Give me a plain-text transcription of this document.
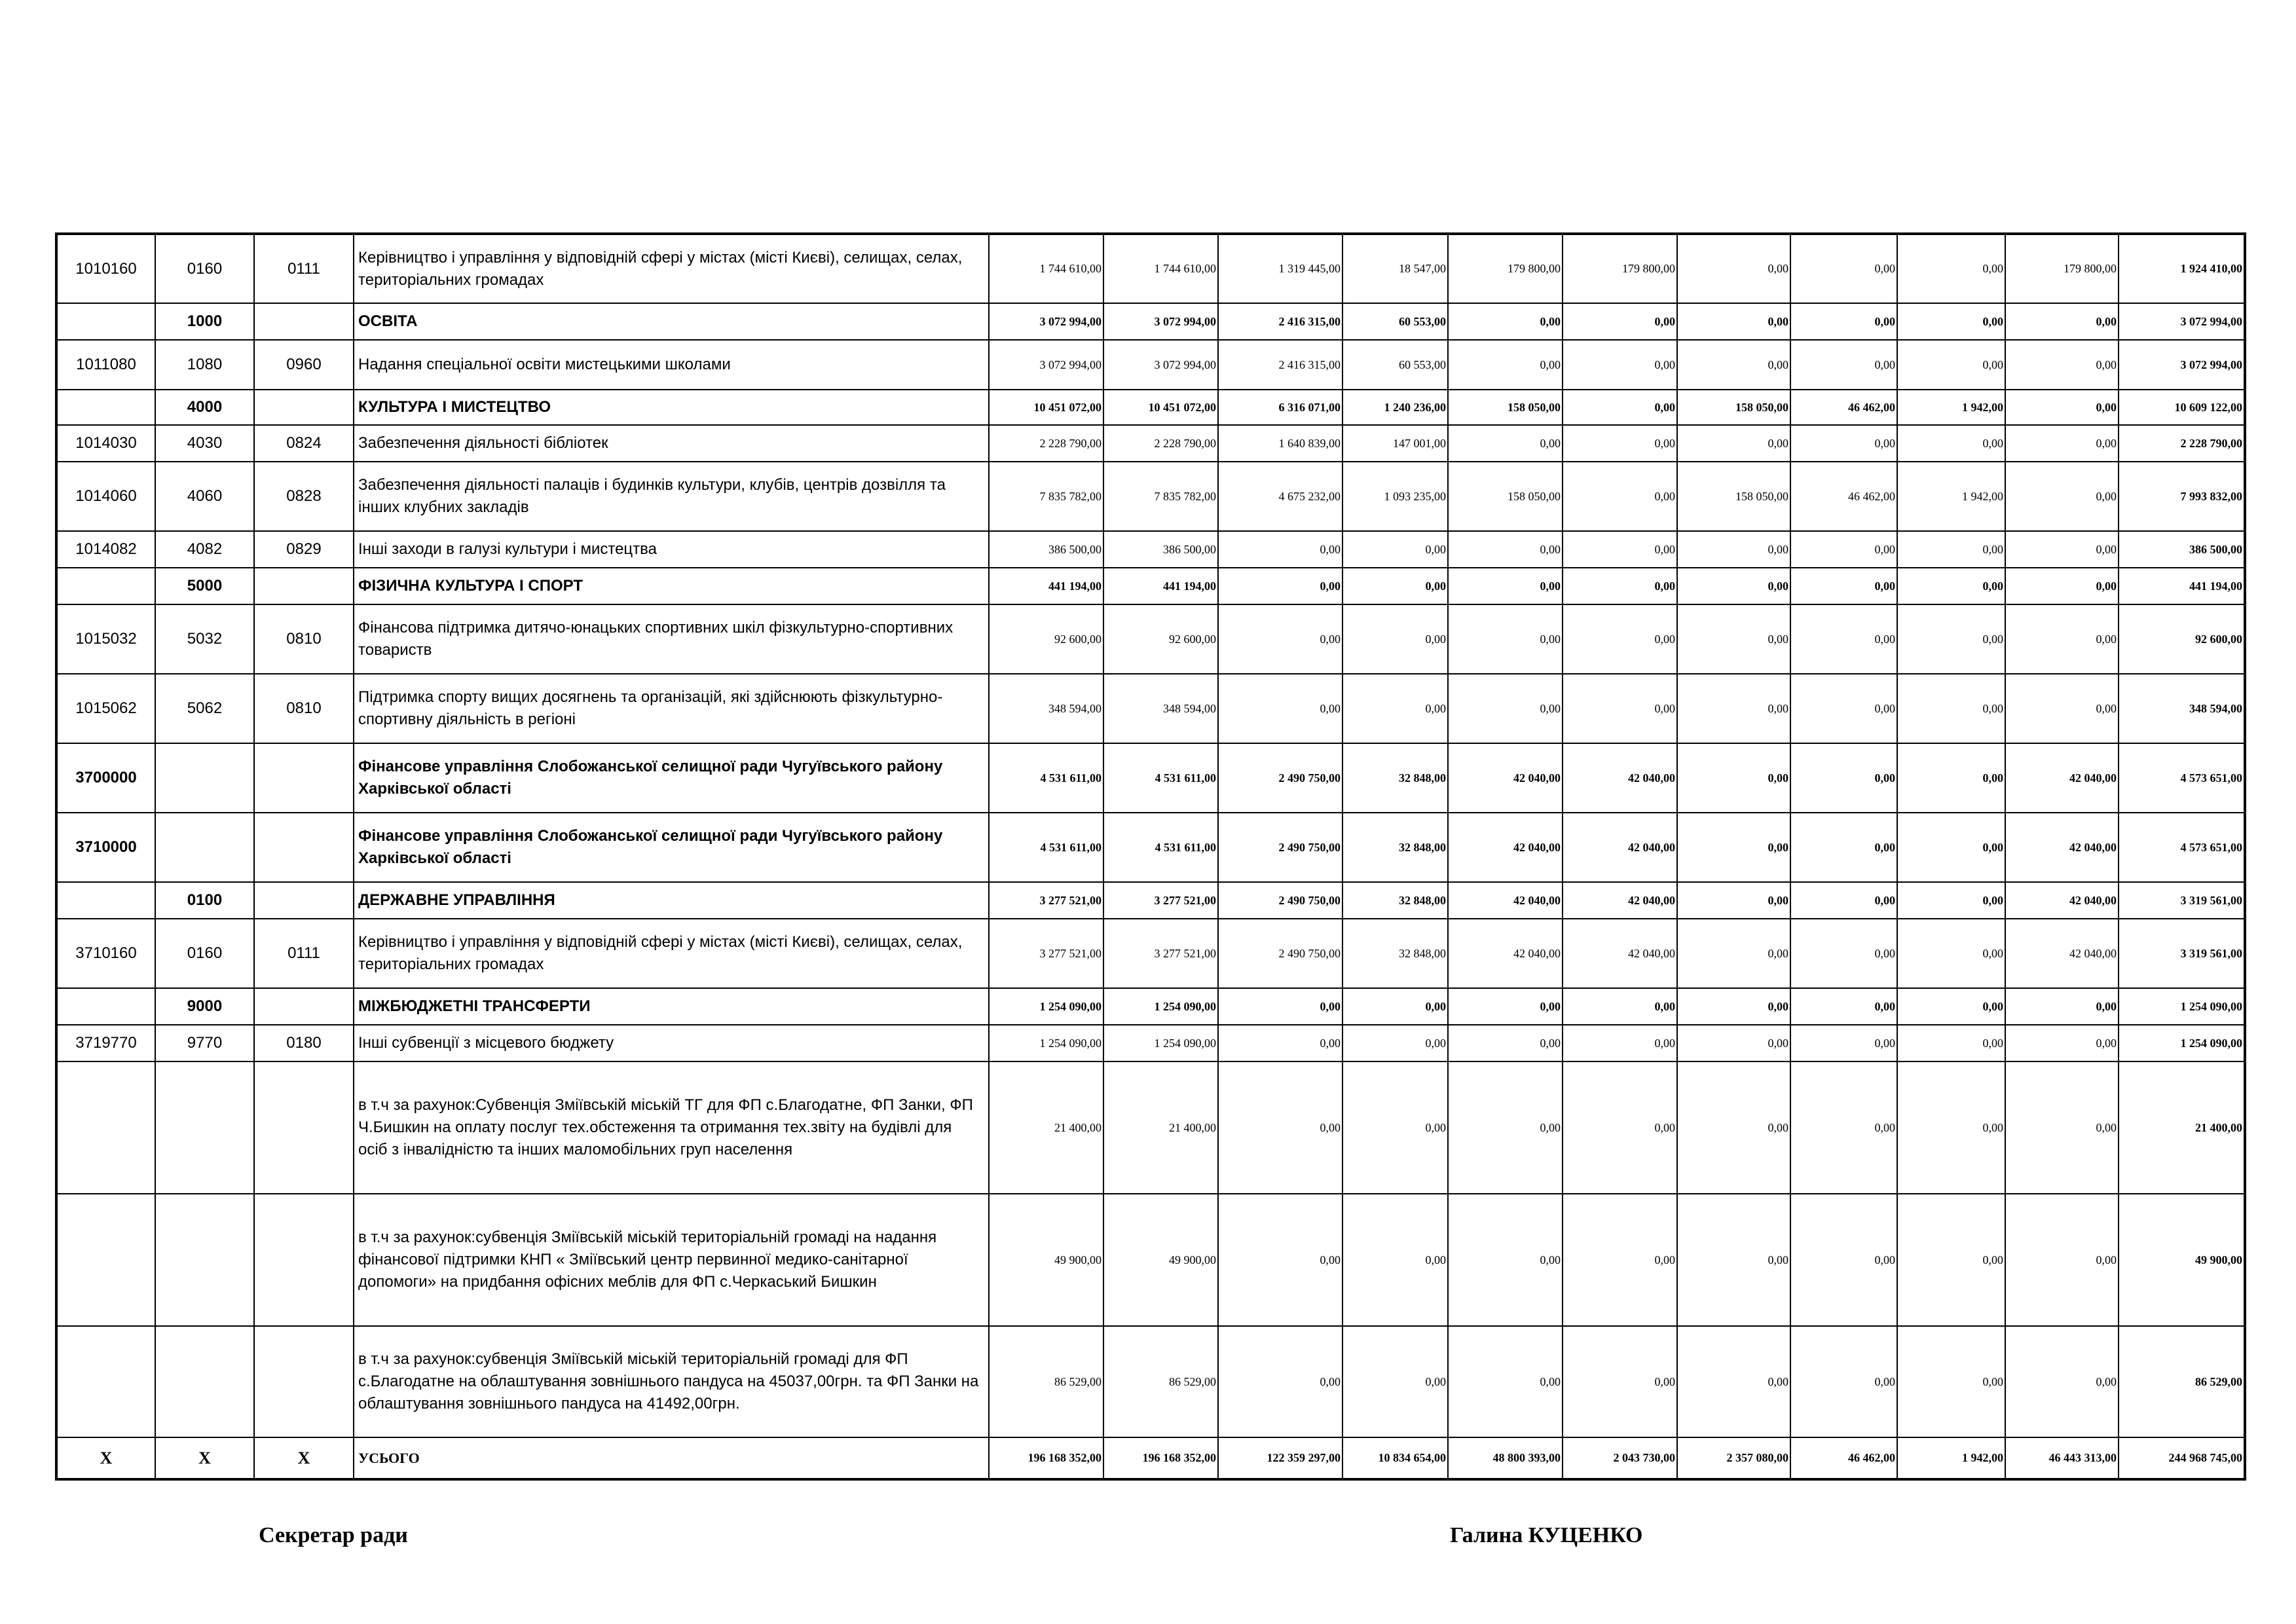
1010160	0160	0111	Керівництво і управління у відповідній сфері у містах (місті Києві), селищах, селах, територіальних громадах	1 744 610,00	1 744 610,00	1 319 445,00	18 547,00	179 800,00	179 800,00	0,00	0,00	0,00	179 800,00	1 924 410,00
	1000		ОСВІТА	3 072 994,00	3 072 994,00	2 416 315,00	60 553,00	0,00	0,00	0,00	0,00	0,00	0,00	3 072 994,00
1011080	1080	0960	Надання спеціальної освіти мистецькими школами	3 072 994,00	3 072 994,00	2 416 315,00	60 553,00	0,00	0,00	0,00	0,00	0,00	0,00	3 072 994,00
	4000		КУЛЬТУРА І МИСТЕЦТВО	10 451 072,00	10 451 072,00	6 316 071,00	1 240 236,00	158 050,00	0,00	158 050,00	46 462,00	1 942,00	0,00	10 609 122,00
1014030	4030	0824	Забезпечення діяльності бібліотек	2 228 790,00	2 228 790,00	1 640 839,00	147 001,00	0,00	0,00	0,00	0,00	0,00	0,00	2 228 790,00
1014060	4060	0828	Забезпечення діяльності палаців i будинків культури, клубів, центрів дозвілля та iнших клубних закладів	7 835 782,00	7 835 782,00	4 675 232,00	1 093 235,00	158 050,00	0,00	158 050,00	46 462,00	1 942,00	0,00	7 993 832,00
1014082	4082	0829	Інші заходи в галузі культури і мистецтва	386 500,00	386 500,00	0,00	0,00	0,00	0,00	0,00	0,00	0,00	0,00	386 500,00
	5000		ФІЗИЧНА КУЛЬТУРА І СПОРТ	441 194,00	441 194,00	0,00	0,00	0,00	0,00	0,00	0,00	0,00	0,00	441 194,00
1015032	5032	0810	Фінансова підтримка дитячо-юнацьких спортивних шкіл фізкультурно-спортивних товариств	92 600,00	92 600,00	0,00	0,00	0,00	0,00	0,00	0,00	0,00	0,00	92 600,00
1015062	5062	0810	Підтримка спорту вищих досягнень та організацій, які здійснюють фізкультурно-спортивну діяльність в регіоні	348 594,00	348 594,00	0,00	0,00	0,00	0,00	0,00	0,00	0,00	0,00	348 594,00
3700000			Фінансове управління Слобожанської селищної ради Чугуївського району Харківської області	4 531 611,00	4 531 611,00	2 490 750,00	32 848,00	42 040,00	42 040,00	0,00	0,00	0,00	42 040,00	4 573 651,00
3710000			Фінансове управління Слобожанської селищної ради Чугуївського району Харківської області	4 531 611,00	4 531 611,00	2 490 750,00	32 848,00	42 040,00	42 040,00	0,00	0,00	0,00	42 040,00	4 573 651,00
	0100		ДЕРЖАВНЕ УПРАВЛІННЯ	3 277 521,00	3 277 521,00	2 490 750,00	32 848,00	42 040,00	42 040,00	0,00	0,00	0,00	42 040,00	3 319 561,00
3710160	0160	0111	Керівництво і управління у відповідній сфері у містах (місті Києві), селищах, селах, територіальних громадах	3 277 521,00	3 277 521,00	2 490 750,00	32 848,00	42 040,00	42 040,00	0,00	0,00	0,00	42 040,00	3 319 561,00
	9000		МІЖБЮДЖЕТНІ ТРАНСФЕРТИ	1 254 090,00	1 254 090,00	0,00	0,00	0,00	0,00	0,00	0,00	0,00	0,00	1 254 090,00
3719770	9770	0180	Інші субвенції з місцевого бюджету	1 254 090,00	1 254 090,00	0,00	0,00	0,00	0,00	0,00	0,00	0,00	0,00	1 254 090,00
			в т.ч за рахунок:Субвенція Зміївській міській ТГ для ФП с.Благодатне, ФП Занки, ФП Ч.Бишкин на оплату послуг тех.обстеження та отримання тех.звіту на будівлі для осіб з інвалідністю та інших маломобільних груп населення	21 400,00	21 400,00	0,00	0,00	0,00	0,00	0,00	0,00	0,00	0,00	21 400,00
			в т.ч за рахунок:субвенція Зміївській міській територіальній громаді на надання фінансової підтримки КНП « Зміївський центр первинної медико-санітарної допомоги» на придбання офісних меблів для ФП с.Черкаський Бишкин	49 900,00	49 900,00	0,00	0,00	0,00	0,00	0,00	0,00	0,00	0,00	49 900,00
			в т.ч за рахунок:субвенція Зміївській міській територіальній громаді для ФП с.Благодатне на облаштування зовнішнього пандуса на 45037,00грн. та ФП Занки на облаштування зовнішнього пандуса на 41492,00грн.	86 529,00	86 529,00	0,00	0,00	0,00	0,00	0,00	0,00	0,00	0,00	86 529,00
X	X	X	УСЬОГО	196 168 352,00	196 168 352,00	122 359 297,00	10 834 654,00	48 800 393,00	2 043 730,00	2 357 080,00	46 462,00	1 942,00	46 443 313,00	244 968 745,00
Секретар ради	Галина КУЦЕНКО
